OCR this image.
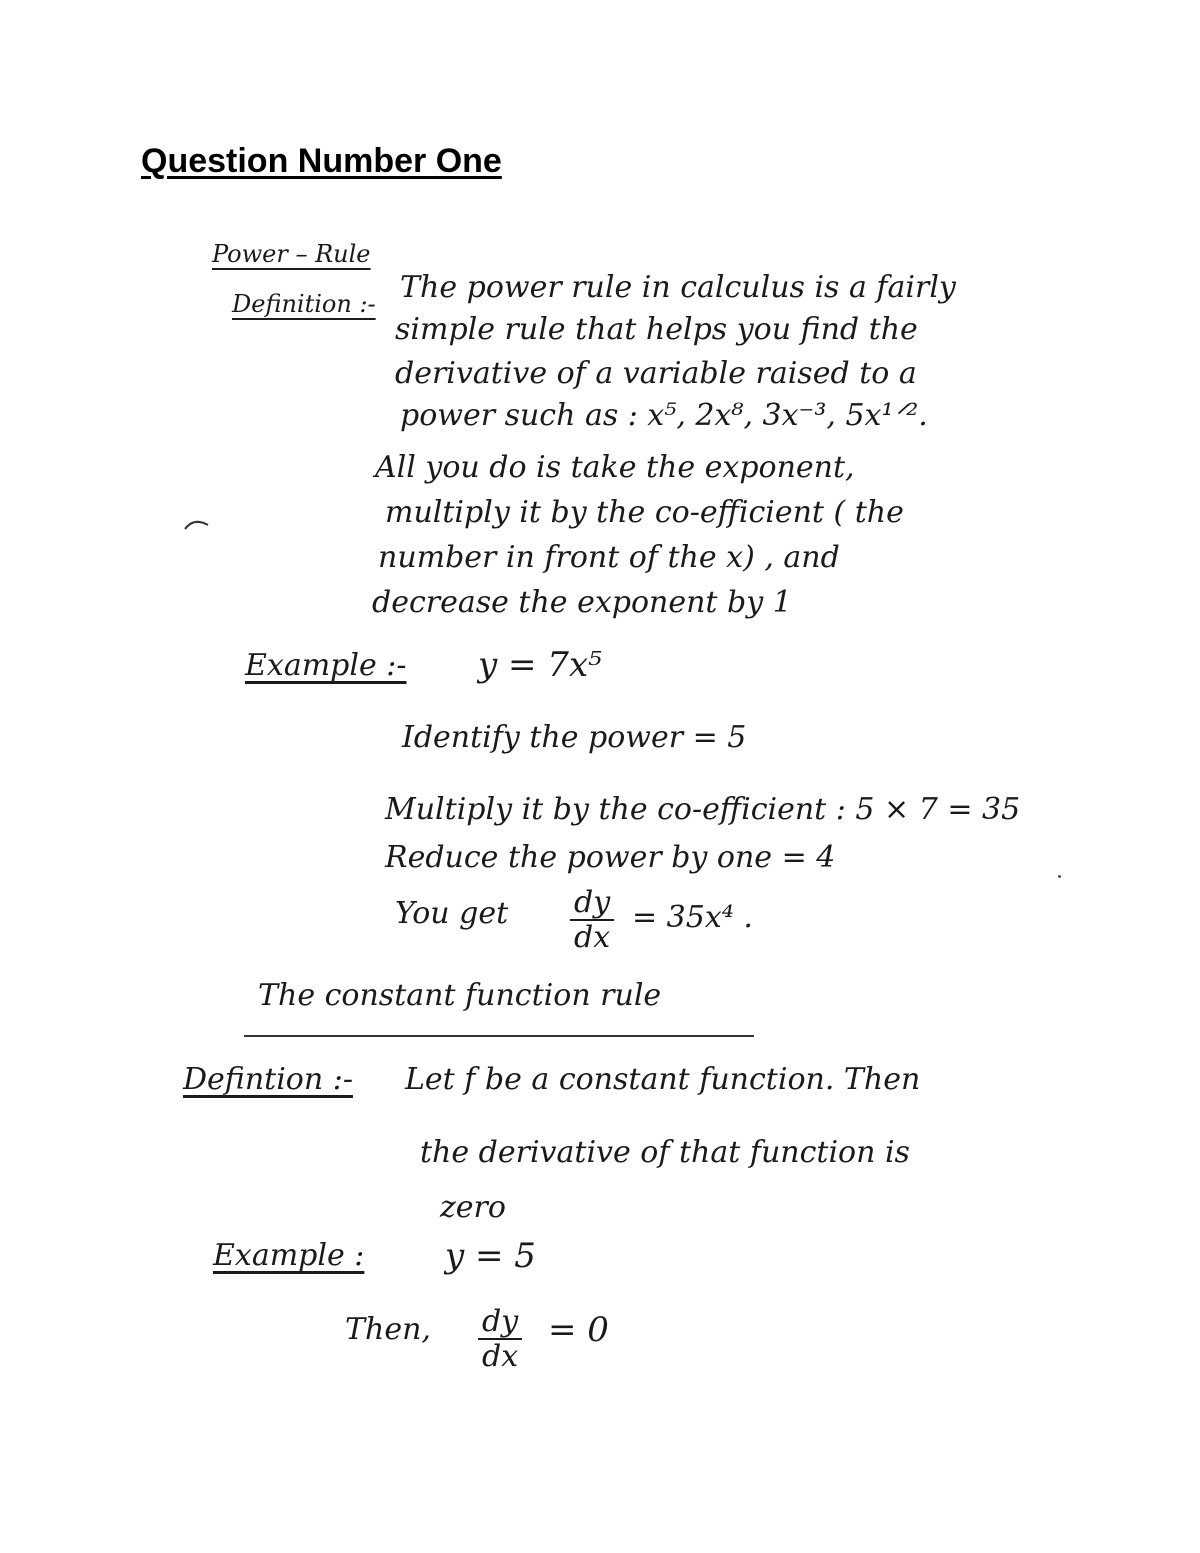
Question Number One
Power – Rule
Definition :- The power rule in calculus is a fairly
simple rule that helps you find the
derivative of a variable raised to a
power such as : x⁵, 2x⁸, 3x⁻³, 5x¹ᐟ².
All you do is take the exponent,
multiply it by the co-efficient ( the
number in front of the x) , and
decrease the exponent by 1
Example :- y = 7x⁵
Identify the power = 5
Multiply it by the co-efficient : 5 × 7 = 35
Reduce the power by one = 4
You get $\frac{dy}{dx} = 35x^4$ .
The constant function rule
Defintion :- Let f be a constant function. Then
the derivative of that function is
zero
Example : y = 5
Then, $\frac{dy}{dx} = 0$
